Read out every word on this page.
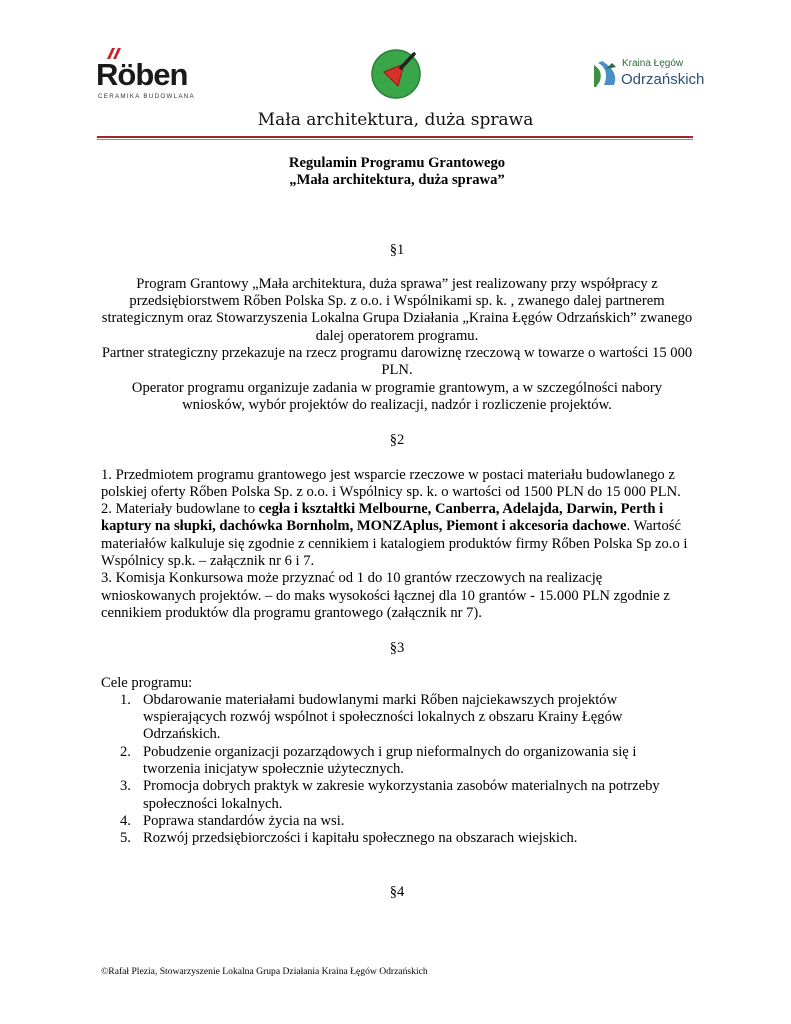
Röben
CERAMIKA BUDOWLANA
Kraina Łęgów
Odrzańskich
Mała architektura, duża sprawa

Regulamin Programu Grantowego

„Mała architektura, duża sprawa”

§1

Program Grantowy „Mała architektura, duża sprawa” jest realizowany przy współpracy z przedsiębiorstwem Rőben Polska Sp. z o.o. i Wspólnikami sp. k. , zwanego dalej partnerem strategicznym oraz Stowarzyszenia Lokalna Grupa Działania „Kraina Łęgów Odrzańskich” zwanego dalej operatorem programu.

Partner strategiczny przekazuje na rzecz programu darowiznę rzeczową w towarze o wartości 15 000 PLN.

Operator programu organizuje zadania w programie grantowym, a w szczególności nabory wniosków, wybór projektów do realizacji, nadzór i rozliczenie projektów.

§2

1. Przedmiotem programu grantowego jest wsparcie rzeczowe w postaci materiału budowlanego z polskiej oferty Rőben Polska Sp. z o.o. i Wspólnicy sp. k. o wartości od 1500 PLN do 15 000 PLN.

2. Materiały budowlane to cegła i kształtki Melbourne, Canberra, Adelajda, Darwin, Perth i kaptury na słupki, dachówka Bornholm, MONZAplus, Piemont i akcesoria dachowe. Wartość materiałów kalkuluje się zgodnie z cennikiem i katalogiem produktów firmy Rőben Polska Sp zo.o i Wspólnicy sp.k. – załącznik nr 6 i 7.

3. Komisja Konkursowa może przyznać od 1 do 10 grantów rzeczowych na realizację wnioskowanych projektów. – do maks wysokości łącznej dla 10 grantów - 15.000 PLN zgodnie z cennikiem produktów dla programu grantowego (załącznik nr 7).

§3

Cele programu:

1. Obdarowanie materiałami budowlanymi marki Rőben najciekawszych projektów wspierających rozwój wspólnot i społeczności lokalnych z obszaru Krainy Łęgów Odrzańskich.
2. Pobudzenie organizacji pozarządowych i grup nieformalnych do organizowania się i tworzenia inicjatyw społecznie użytecznych.
3. Promocja dobrych praktyk w zakresie wykorzystania zasobów materialnych na potrzeby społeczności lokalnych.
4. Poprawa standardów życia na wsi.
5. Rozwój przedsiębiorczości i kapitału społecznego na obszarach wiejskich.

§4

©Rafał Plezia, Stowarzyszenie Lokalna Grupa Działania Kraina Łęgów Odrzańskich
